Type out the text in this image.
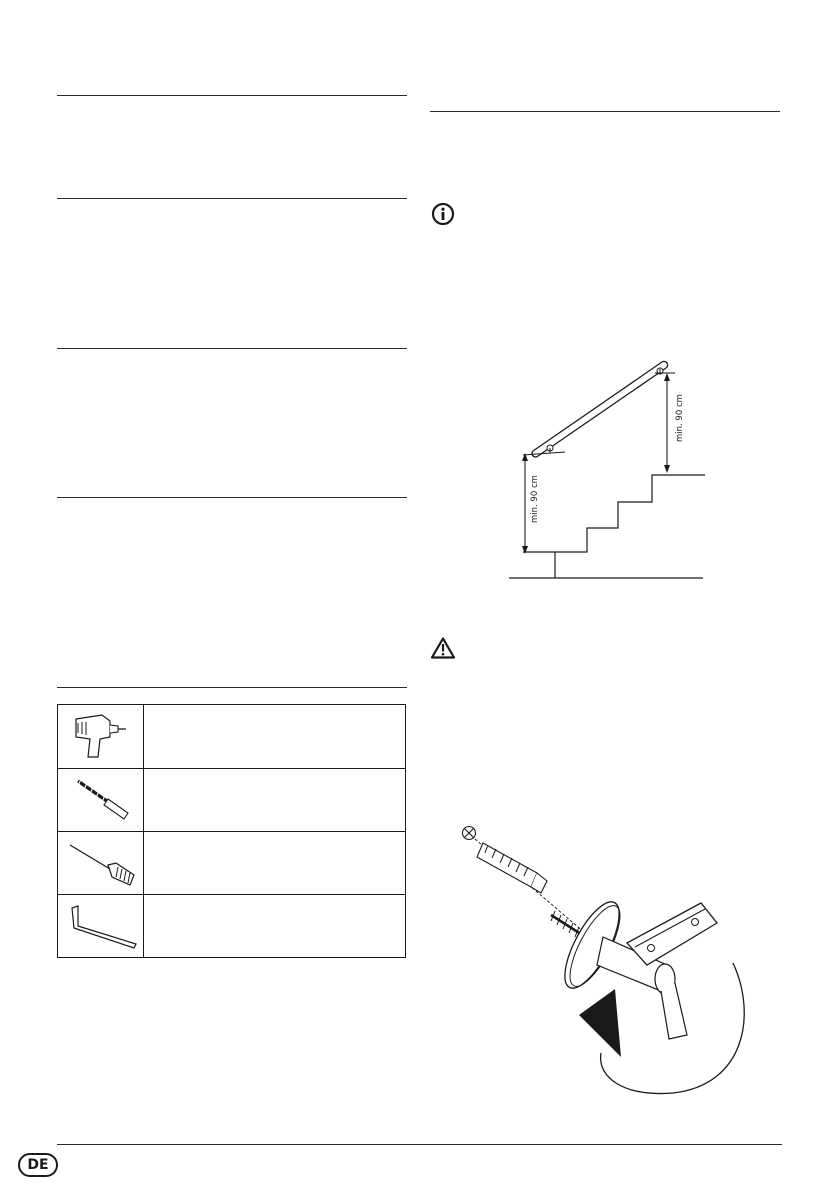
min. 90 cm
min. 90 cm
DE
